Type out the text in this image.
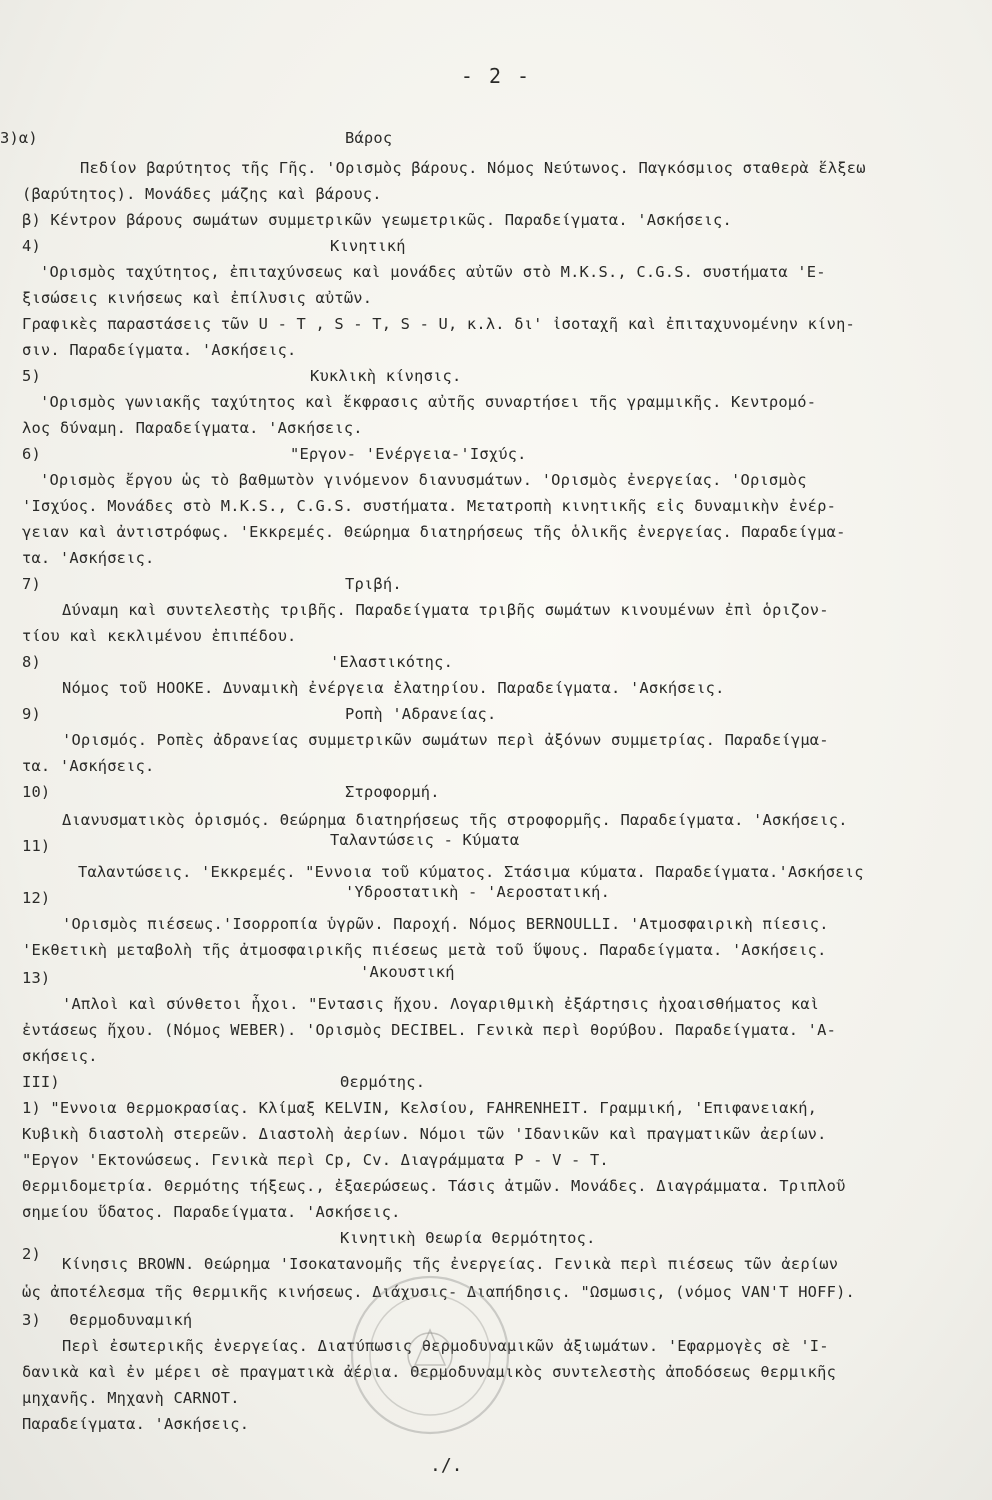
- 2 -
3)α)	Βάρος
Πεδίον βαρύτητος τῆς Γῆς. 'Ορισμὸς βάρους. Νόμος Νεύτωνος. Παγκόσμιος σταθερὰ ἕλξεω
(βαρύτητος). Μονάδες μάζης καὶ βάρους.
β) Κέντρον βάρους σωμάτων συμμετρικῶν γεωμετρικῶς. Παραδείγματα. 'Ασκήσεις.
4)	Κινητική
'Ορισμὸς ταχύτητος, ἐπιταχύνσεως καὶ μονάδες αὐτῶν στὸ M.K.S., C.G.S. συστήματα 'Ε-
ξισώσεις κινήσεως καὶ ἐπίλυσις αὐτῶν.
Γραφικὲς παραστάσεις τῶν U - T , S - T, S - U, κ.λ. δι' ἰσοταχῆ καὶ ἐπιταχυνομένην κίνη-
σιν. Παραδείγματα. 'Ασκήσεις.
5)	Κυκλικὴ κίνησις.
'Ορισμὸς γωνιακῆς ταχύτητος καὶ ἔκφρασις αὐτῆς συναρτήσει τῆς γραμμικῆς. Κεντρομό-
λος δύναμη. Παραδείγματα. 'Ασκήσεις.
6)	"Εργον- 'Ενέργεια-'Ισχύς.
'Ορισμὸς ἔργου ὡς τὸ βαθμωτὸν γινόμενον διανυσμάτων. 'Ορισμὸς ἐνεργείας. 'Ορισμὸς
'Ισχύος. Μονάδες στὸ M.K.S., C.G.S. συστήματα. Μετατροπὴ κινητικῆς εἰς δυναμικὴν ἐνέρ-
γειαν καὶ ἀντιστρόφως. 'Εκκρεμές. Θεώρημα διατηρήσεως τῆς ὁλικῆς ἐνεργείας. Παραδείγμα-
τα. 'Ασκήσεις.
7)	Τριβή.
Δύναμη καὶ συντελεστὴς τριβῆς. Παραδείγματα τριβῆς σωμάτων κινουμένων ἐπὶ ὁριζον-
τίου καὶ κεκλιμένου ἐπιπέδου.
8)	'Ελαστικότης.
Νόμος τοῦ HOOKE. Δυναμικὴ ἐνέργεια ἐλατηρίου. Παραδείγματα. 'Ασκήσεις.
9)	Ροπὴ 'Αδρανείας.
'Ορισμός. Ροπὲς ἀδρανείας συμμετρικῶν σωμάτων περὶ ἀξόνων συμμετρίας. Παραδείγμα-
τα. 'Ασκήσεις.
10)	Στροφορμή.
Διανυσματικὸς ὁρισμός. Θεώρημα διατηρήσεως τῆς στροφορμῆς. Παραδείγματα. 'Ασκήσεις.
11)	Ταλαντώσεις - Κύματα
Ταλαντώσεις. 'Εκκρεμές. "Εννοια τοῦ κύματος. Στάσιμα κύματα. Παραδείγματα.'Ασκήσεις
12)	'Υδροστατικὴ - 'Αεροστατική.
'Ορισμὸς πιέσεως.'Ισορροπία ὑγρῶν. Παροχή. Νόμος BERNOULLI. 'Ατμοσφαιρικὴ πίεσις.
'Εκθετικὴ μεταβολὴ τῆς ἀτμοσφαιρικῆς πιέσεως μετὰ τοῦ ὕψους. Παραδείγματα. 'Ασκήσεις.
13)	'Ακουστική
'Απλοὶ καὶ σύνθετοι ἦχοι. "Εντασις ἤχου. Λογαριθμικὴ ἐξάρτησις ἠχοαισθήματος καὶ
ἐντάσεως ἤχου. (Νόμος WEBER). 'Ορισμὸς DECIBEL. Γενικὰ περὶ θορύβου. Παραδείγματα. 'Α-
σκήσεις.
III)	Θερμότης.
1) "Εννοια θερμοκρασίας. Κλίμαξ KELVIN, Κελσίου, FAHRENHEIT. Γραμμική, 'Επιφανειακή,
Κυβικὴ διαστολὴ στερεῶν. Διαστολὴ ἀερίων. Νόμοι τῶν 'Ιδανικῶν καὶ πραγματικῶν ἀερίων.
"Εργον 'Εκτονώσεως. Γενικὰ περὶ Cp, Cv. Διαγράμματα P - V - T.
Θερμιδομετρία. Θερμότης τήξεως., ἐξαερώσεως. Τάσις ἀτμῶν. Μονάδες. Διαγράμματα. Τριπλοῦ
σημείου ὕδατος. Παραδείγματα. 'Ασκήσεις.
Κινητικὴ Θεωρία Θερμότητος.
2)
Κίνησις BROWN. Θεώρημα 'Ισοκατανομῆς τῆς ἐνεργείας. Γενικὰ περὶ πιέσεως τῶν ἀερίων
ὡς ἀποτέλεσμα τῆς θερμικῆς κινήσεως. Διάχυσις- Διαπήδησις. "Ωσμωσις, (νόμος VAN'T HOFF).
3)   Θερμοδυναμική
Περὶ ἐσωτερικῆς ἐνεργείας. Διατύπωσις θερμοδυναμικῶν ἀξιωμάτων. 'Εφαρμογὲς σὲ 'Ι-
δανικὰ καὶ ἐν μέρει σὲ πραγματικὰ ἀέρια. Θερμοδυναμικὸς συντελεστὴς ἀποδόσεως θερμικῆς
μηχανῆς. Μηχανὴ CARNOT.
Παραδείγματα. 'Ασκήσεις.
./.
